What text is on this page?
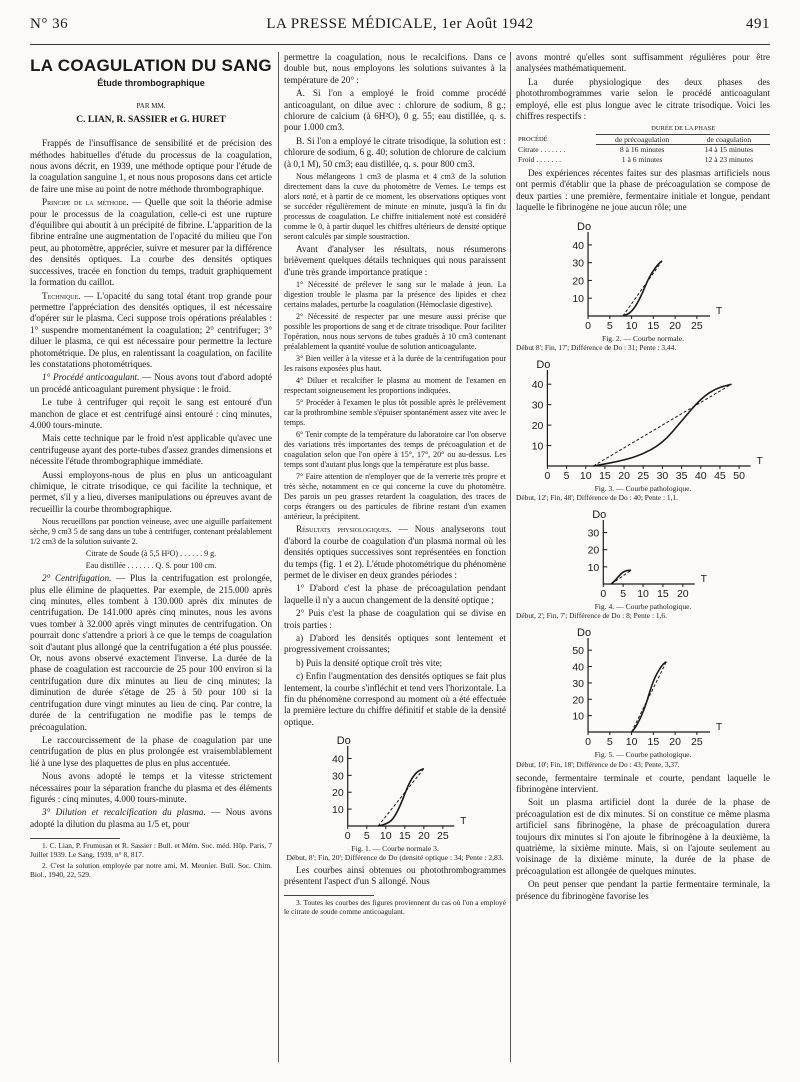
N° 36	LA PRESSE MÉDICALE, 1er Août 1942	491
LA COAGULATION DU SANG
Étude thrombographique
PAR MM.
C. LIAN, R. SASSIER et G. HURET

Frappés de l'insuffisance de sensibilité et de précision des méthodes habituelles d'étude du processus de la coagulation, nous avons décrit, en 1939, une méthode optique pour l'étude de la coagulation sanguine 1, et nous nous proposons dans cet article de faire une mise au point de notre méthode thrombographique.

Principe de la méthode. — Quelle que soit la théorie admise pour le processus de la coagulation, celle-ci est une rupture d'équilibre qui aboutit à un précipité de fibrine. L'apparition de la fibrine entraîne une augmentation de l'opacité du milieu que l'on peut, au photomètre, apprécier, suivre et mesurer par la différence des densités optiques. La courbe des densités optiques successives, tracée en fonction du temps, traduit graphiquement la formation du caillot.

Technique. — L'opacité du sang total étant trop grande pour permettre l'appréciation des densités optiques, il est nécessaire d'opérer sur le plasma. Ceci suppose trois opérations préalables : 1° suspendre momentanément la coagulation; 2° centrifuger; 3° diluer le plasma, ce qui est nécessaire pour permettre la lecture photométrique. De plus, en ralentissant la coagulation, on facilite les constatations photométriques.

1° Procédé anticoagulant. — Nous avons tout d'abord adopté un procédé anticoagulant purement physique : le froid.

Le tube à centrifuger qui reçoit le sang est entouré d'un manchon de glace et est centrifugé ainsi entouré : cinq minutes, 4.000 tours-minute.

Mais cette technique par le froid n'est applicable qu'avec une centrifugeuse ayant des porte-tubes d'assez grandes dimensions et nécessite l'étude thrombographique immédiate.

Aussi employons-nous de plus en plus un anticoagulant chimique, le citrate trisodique, ce qui facilite la technique, et permet, s'il y a lieu, diverses manipulations ou épreuves avant de recueillir la courbe thrombographique.

Nous recueillons par ponction veineuse, avec une aiguille parfaitement sèche, 9 cm3 5 de sang dans un tube à centrifuger, contenant préalablement 1/2 cm3 de la solution suivante 2.

Citrate de Soude (à 5,5 H²O) . . . . . . 9 g.

Eau distillée . . . . . . . Q. S. pour 100 cm.

2° Centrifugation. — Plus la centrifugation est prolongée, plus elle élimine de plaquettes. Par exemple, de 215.000 après cinq minutes, elles tombent à 130.000 après dix minutes de centrifugation. De 141.000 après cinq minutes, nous les avons vues tomber à 32.000 après vingt minutes de centrifugation. On pourrait donc s'attendre a priori à ce que le temps de coagulation soit d'autant plus allongé que la centrifugation a été plus poussée. Or, nous avons observé exactement l'inverse. La durée de la phase de coagulation est raccourcie de 25 pour 100 environ si la centrifugation dure dix minutes au lieu de cinq minutes; la diminution de durée s'étage de 25 à 50 pour 100 si la centrifugation dure vingt minutes au lieu de cinq. Par contre, la durée de la centrifugation ne modifie pas le temps de précoagulation.

Le raccourcissement de la phase de coagulation par une centrifugation de plus en plus prolongée est vraisemblablement lié à une lyse des plaquettes de plus en plus accentuée.

Nous avons adopté le temps et la vitesse strictement nécessaires pour la séparation franche du plasma et des éléments figurés : cinq minutes, 4.000 tours-minute.

3° Dilution et recalcification du plasma. — Nous avons adopté la dilution du plasma au 1/5 et, pour

1. C. Lian, P. Frumusan et R. Sassier : Bull. et Mém. Soc. méd. Hôp. Paris, 7 Juillet 1939. Le Sang, 1939, n° 8, 817.

2. C'est la solution employée par notre ami, M. Meunier. Bull. Soc. Chim. Biol., 1940, 22, 529.

permettre la coagulation, nous le recalcifions. Dans ce double but, nous employons les solutions suivantes à la température de 20° :

A. Si l'on a employé le froid comme procédé anticoagulant, on dilue avec : chlorure de sodium, 8 g.; chlorure de calcium (à 6H²O), 0 g. 55; eau distillée, q. s. pour 1.000 cm3.

B. Si l'on a employé le citrate trisodique, la solution est : chlorure de sodium, 6 g. 40; solution de chlorure de calcium (à 0,1 M), 50 cm3; eau distillée, q. s. pour 800 cm3.

Nous mélangeons 1 cm3 de plasma et 4 cm3 de la solution directement dans la cuve du photomètre de Vernes. Le temps est alors noté, et à partir de ce moment, les observations optiques vont se succéder régulièrement de minute en minute, jusqu'à la fin du processus de coagulation. Le chiffre initialement noté est considéré comme le 0, à partir duquel les chiffres ultérieurs de densité optique seront calculés par simple soustraction.

Avant d'analyser les résultats, nous résumerons brièvement quelques détails techniques qui nous paraissent d'une très grande importance pratique :

1° Nécessité de prélever le sang sur le malade à jeun. La digestion trouble le plasma par la présence des lipides et chez certains malades, perturbe la coagulation (Hémoclasie digestive).

2° Nécessité de respecter par une mesure aussi précise que possible les proportions de sang et de citrate trisodique. Pour faciliter l'opération, nous nous servons de tubes gradués à 10 cm3 contenant préalablement la quantité voulue de solution anticoagulante.

3° Bien veiller à la vitesse et à la durée de la centrifugation pour les raisons exposées plus haut.

4° Diluer et recalcifier le plasma au moment de l'examen en respectant soigneusement les proportions indiquées.

5° Procéder à l'examen le plus tôt possible après le prélèvement car la prothrombine semble s'épuiser spontanément assez vite avec le temps.

6° Tenir compte de la température du laboratoire car l'on observe des variations très importantes des temps de précoagulation et de coagulation selon que l'on opère à 15°, 17°, 20° ou au-dessus. Les temps sont d'autant plus longs que la température est plus basse.

7° Faire attention de n'employer que de la verrerie très propre et très sèche, notamment en ce qui concerne la cuve du photomètre. Des parois un peu grasses retardent la coagulation, des traces de corps étrangers ou des particules de fibrine restant d'un examen antérieur, la précipitent.

Résultats physiologiques. — Nous analyserons tout d'abord la courbe de coagulation d'un plasma normal où les densités optiques successives sont représentées en fonction du temps (fig. 1 et 2). L'étude photométrique du phénomène permet de le diviser en deux grandes périodes :

1° D'abord c'est la phase de précoagulation pendant laquelle il n'y a aucun changement de la densité optique ;

2° Puis c'est la phase de coagulation qui se divise en trois parties :

a) D'abord les densités optiques sont lentement et progressivement croissantes;

b) Puis la densité optique croît très vite;

c) Enfin l'augmentation des densités optiques se fait plus lentement, la courbe s'infléchit et tend vers l'horizontale. La fin du phénomène correspond au moment où a été effectuée la première lecture du chiffre définitif et stable de la densité optique.

Do
T
0 5 10 15 20 25
10
20
30
40

Fig. 1. — Courbe normale 3.

Début, 8'; Fin, 20'; Différence de Do (densité optique : 34; Pente : 2,83.

Les courbes ainsi obtenues ou photothrombogrammes présentent l'aspect d'un S allongé. Nous

3. Toutes les courbes des figures proviennent du cas où l'on a employé le citrate de soude comme anticoagulant.

avons montré qu'elles sont suffisamment régulières pour être analysées mathématiquement.

La durée physiologique des deux phases des photothrombogrammes varie selon le procédé anticoagulant employé, elle est plus longue avec le citrate trisodique. Voici les chiffres respectifs :

PROCÉDÉ	DURÉE DE LA PHASE	
	de précoagulation	de coagulation
Citrate . . . . . . .	8 à 16 minutes	14 à 15 minutes
Froid . . . . . . .	1 à 6 minutes	12 à 23 minutes

Des expériences récentes faites sur des plasmas artificiels nous ont permis d'établir que la phase de précoagulation se compose de deux parties : une première, fermentaire initiale et longue, pendant laquelle le fibrinogène ne joue aucun rôle; une

Do
T
0 5 10 15 20 25
10
20
30
40

Fig. 2. — Courbe normale.

Début 8'; Fin, 17'; Différence de Do : 31; Pente : 3,44.

Do
T
0 5 10 15 20 25 30 35 40 45 50
10
20
30
40

Fig. 3. — Courbe pathologique.

Début, 12'; Fin, 48'; Différence de Do : 40; Pente : 1,1.

Do
T
0 5 10 15 20
10
20
30

Fig. 4. — Courbe pathologique.

Début, 2'; Fin, 7'; Différence de Do : 8; Pente : 1,6.

Do
T
0 5 10 15 20 25
10
20
30
40
50

Fig. 5. — Courbe pathologique.

Début, 10'; Fin, 18'; Différence de Do : 43; Pente, 3,37.

seconde, fermentaire terminale et courte, pendant laquelle le fibrinogène intervient.

Soit un plasma artificiel dont la durée de la phase de précoagulation est de dix minutes. Si on constitue ce même plasma artificiel sans fibrinogène, la phase de précoagulation durera toujours dix minutes si l'on ajoute le fibrinogène à la deuxième, la quatrième, la sixième minute. Mais, si on l'ajoute seulement au voisinage de la dixième minute, la durée de la phase de précoagulation est allongée de quelques minutes.

On peut penser que pendant la partie fermentaire terminale, la présence du fibrinogène favorise les
